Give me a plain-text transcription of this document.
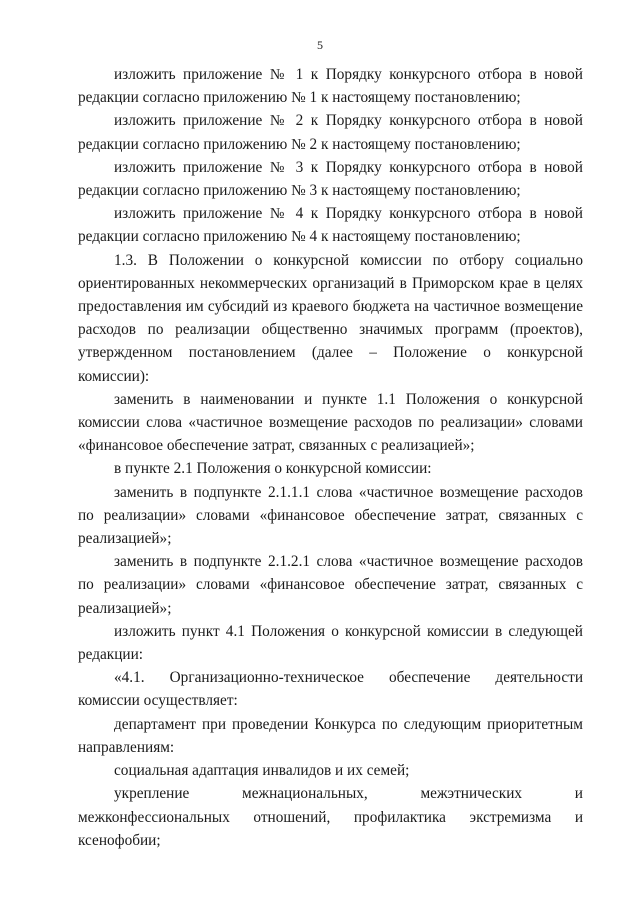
5

изложить приложение № 1 к Порядку конкурсного отбора в новой редакции согласно приложению № 1 к настоящему постановлению;

изложить приложение № 2 к Порядку конкурсного отбора в новой редакции согласно приложению № 2 к настоящему постановлению;

изложить приложение № 3 к Порядку конкурсного отбора в новой редакции согласно приложению № 3 к настоящему постановлению;

изложить приложение № 4 к Порядку конкурсного отбора в новой редакции согласно приложению № 4 к настоящему постановлению;

1.3. В Положении о конкурсной комиссии по отбору социально ориентированных некоммерческих организаций в Приморском крае в целях предоставления им субсидий из краевого бюджета на частичное возмещение расходов по реализации общественно значимых программ (проектов), утвержденном постановлением (далее – Положение о конкурсной комиссии):

заменить в наименовании и пункте 1.1 Положения о конкурсной комиссии слова «частичное возмещение расходов по реализации» словами «финансовое обеспечение затрат, связанных с реализацией»;

в пункте 2.1 Положения о конкурсной комиссии:

заменить в подпункте 2.1.1.1 слова «частичное возмещение расходов по реализации» словами «финансовое обеспечение затрат, связанных с реализацией»;

заменить в подпункте 2.1.2.1 слова «частичное возмещение расходов по реализации» словами «финансовое обеспечение затрат, связанных с реализацией»;

изложить пункт 4.1 Положения о конкурсной комиссии в следующей редакции:

«4.1. Организационно-техническое обеспечение деятельности комиссии осуществляет:

департамент при проведении Конкурса по следующим приоритетным направлениям:

социальная адаптация инвалидов и их семей;

укрепление межнациональных, межэтнических и межконфессиональных отношений, профилактика экстремизма и ксенофобии;
